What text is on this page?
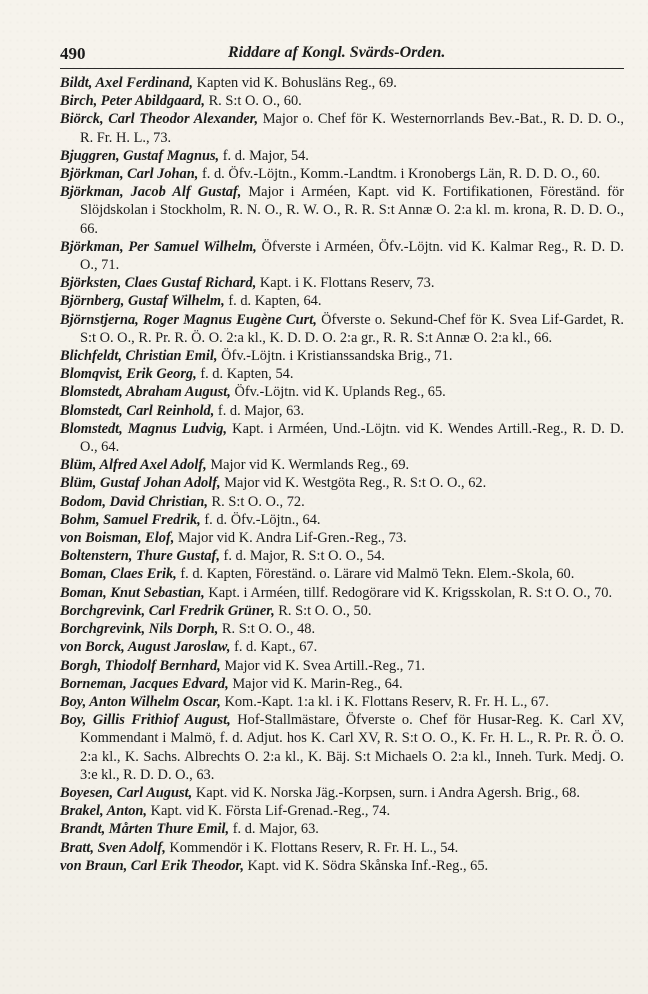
490	Riddare af Kongl. Svärds-Orden.
Bildt, Axel Ferdinand, Kapten vid K. Bohusläns Reg., 69.
Birch, Peter Abildgaard, R. S:t O. O., 60.
Biörck, Carl Theodor Alexander, Major o. Chef för K. Westernorrlands Bev.-Bat., R. D. D. O., R. Fr. H. L., 73.
Bjuggren, Gustaf Magnus, f. d. Major, 54.
Björkman, Carl Johan, f. d. Öfv.-Löjtn., Komm.-Landtm. i Kronobergs Län, R. D. D. O., 60.
Björkman, Jacob Alf Gustaf, Major i Arméen, Kapt. vid K. Fortifikationen, Föreständ. för Slöjdskolan i Stockholm, R. N. O., R. W. O., R. R. S:t Annæ O. 2:a kl. m. krona, R. D. D. O., 66.
Björkman, Per Samuel Wilhelm, Öfverste i Arméen, Öfv.-Löjtn. vid K. Kalmar Reg., R. D. D. O., 71.
Björksten, Claes Gustaf Richard, Kapt. i K. Flottans Reserv, 73.
Björnberg, Gustaf Wilhelm, f. d. Kapten, 64.
Björnstjerna, Roger Magnus Eugène Curt, Öfverste o. Sekund-Chef för K. Svea Lif-Gardet, R. S:t O. O., R. Pr. R. Ö. O. 2:a kl., K. D. D. O. 2:a gr., R. R. S:t Annæ O. 2:a kl., 66.
Blichfeldt, Christian Emil, Öfv.-Löjtn. i Kristianssandska Brig., 71.
Blomqvist, Erik Georg, f. d. Kapten, 54.
Blomstedt, Abraham August, Öfv.-Löjtn. vid K. Uplands Reg., 65.
Blomstedt, Carl Reinhold, f. d. Major, 63.
Blomstedt, Magnus Ludvig, Kapt. i Arméen, Und.-Löjtn. vid K. Wendes Artill.-Reg., R. D. D. O., 64.
Blüm, Alfred Axel Adolf, Major vid K. Wermlands Reg., 69.
Blüm, Gustaf Johan Adolf, Major vid K. Westgöta Reg., R. S:t O. O., 62.
Bodom, David Christian, R. S:t O. O., 72.
Bohm, Samuel Fredrik, f. d. Öfv.-Löjtn., 64.
von Boisman, Elof, Major vid K. Andra Lif-Gren.-Reg., 73.
Boltenstern, Thure Gustaf, f. d. Major, R. S:t O. O., 54.
Boman, Claes Erik, f. d. Kapten, Föreständ. o. Lärare vid Malmö Tekn. Elem.-Skola, 60.
Boman, Knut Sebastian, Kapt. i Arméen, tillf. Redogörare vid K. Krigsskolan, R. S:t O. O., 70.
Borchgrevink, Carl Fredrik Grüner, R. S:t O. O., 50.
Borchgrevink, Nils Dorph, R. S:t O. O., 48.
von Borck, August Jaroslaw, f. d. Kapt., 67.
Borgh, Thiodolf Bernhard, Major vid K. Svea Artill.-Reg., 71.
Borneman, Jacques Edvard, Major vid K. Marin-Reg., 64.
Boy, Anton Wilhelm Oscar, Kom.-Kapt. 1:a kl. i K. Flottans Reserv, R. Fr. H. L., 67.
Boy, Gillis Frithiof August, Hof-Stallmästare, Öfverste o. Chef för Husar-Reg. K. Carl XV, Kommendant i Malmö, f. d. Adjut. hos K. Carl XV, R. S:t O. O., K. Fr. H. L., R. Pr. R. Ö. O. 2:a kl., K. Sachs. Albrechts O. 2:a kl., K. Bäj. S:t Michaels O. 2:a kl., Inneh. Turk. Medj. O. 3:e kl., R. D. D. O., 63.
Boyesen, Carl August, Kapt. vid K. Norska Jäg.-Korpsen, surn. i Andra Agersh. Brig., 68.
Brakel, Anton, Kapt. vid K. Första Lif-Grenad.-Reg., 74.
Brandt, Mårten Thure Emil, f. d. Major, 63.
Bratt, Sven Adolf, Kommendör i K. Flottans Reserv, R. Fr. H. L., 54.
von Braun, Carl Erik Theodor, Kapt. vid K. Södra Skånska Inf.-Reg., 65.
